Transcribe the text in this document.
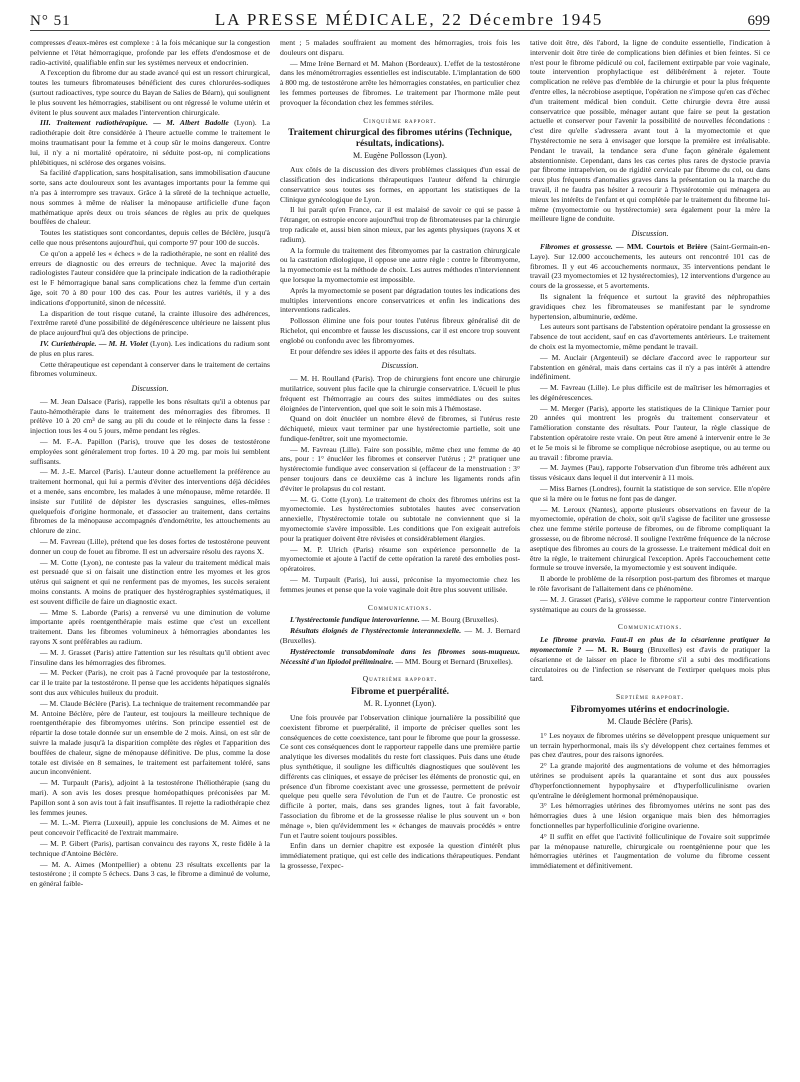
N° 51	LA PRESSE MÉDICALE, 22 Décembre 1945	699

compresses d'eaux-mères est complexe : à la fois mécanique sur la congestion pelvienne et l'état hémorragique, profonde par les effets d'endosmose et de radio-activité, qualifiable enfin sur les systèmes nerveux et endocrinien.

A l'exception du fibrome dur au stade avancé qui est un ressort chirurgical, toutes les tumeurs fibromateuses bénéficient des cures chlorurées-sodiques (surtout radioactives, type source du Bayan de Salies de Béarn), qui soulignent le plus souvent les hémorragies, stabilisent ou ont régressé le volume utérin et évitent le plus souvent aux malades l'intervention chirurgicale.

III. Traitement radiothérapique. — M. Albert Badolle (Lyon). La radiothérapie doit être considérée à l'heure actuelle comme le traitement le moins traumatisant pour la femme et à coup sûr le moins dangereux. Contre lui, il n'y a ni mortalité opératoire, ni séduite post-op, ni complications phlébitiques, ni sclérose des organes voisins.

Sa facilité d'application, sans hospitalisation, sans immobilisation d'aucune sorte, sans acte douloureux sont les avantages importants pour la femme qui n'a pas à interrompre ses travaux. Grâce à la sûreté de la technique actuelle, nous sommes à même de réaliser la ménopause artificielle d'une façon mathématique après deux ou trois séances de règles au prix de quelques bouffées de chaleur.

Toutes les statistiques sont concordantes, depuis celles de Béclère, jusqu'à celle que nous présentons aujourd'hui, qui comporte 97 pour 100 de succès.

Ce qu'on a appelé les « échecs » de la radiothérapie, ne sont en réalité des erreurs de diagnostic ou des erreurs de technique. Avec la majorité des radiologistes l'auteur considère que la principale indication de la radiothérapie est le F hémorragique banal sans complications chez la femme d'un certain âge, soit 70 à 80 pour 100 des cas. Pour les autres variétés, il y a des indications d'opportunité, sinon de nécessité.

La disparition de tout risque cutané, la crainte illusoire des adhérences, l'extrême rareté d'une possibilité de dégénérescence ultérieure ne laissent plus de place aujourd'hui qu'à des objections de principe.

IV. Curiethérapie. — M. H. Violet (Lyon). Les indications du radium sont de plus en plus rares.

Cette thérapeutique est cependant à conserver dans le traitement de certains fibromes volumineux.

Discussion.

— M. Jean Dalsace (Paris), rappelle les bons résultats qu'il a obtenus par l'auto-hémothérapie dans le traitement des ménorragies des fibromes. Il prélève 10 à 20 cm³ de sang au pli du coude et le réinjecte dans la fesse : injection tous les 4 ou 5 jours, même pendant les règles.

— M. F.-A. Papillon (Paris), trouve que les doses de testostérone employées sont généralement trop fortes. 10 à 20 mg. par mois lui semblent suffisants.

— M. J.-E. Marcel (Paris). L'auteur donne actuellement la préférence au traitement hormonal, qui lui a permis d'éviter des interventions déjà décidées et a menée, sans encombre, les malades à une ménopause, même retardée. Il insiste sur l'utilité de dépister les dyscrasies sanguines, elles-mêmes quelquefois d'origine hormonale, et d'associer au traitement, dans certains fibromes de la ménopause accompagnés d'endométrite, les attouchements au chlorure de zinc.

— M. Favreau (Lille), prétend que les doses fortes de testostérone peuvent donner un coup de fouet au fibrome. Il est un adversaire résolu des rayons X.

— M. Cotte (Lyon), ne conteste pas la valeur du traitement médical mais est persuadé que si on faisait une distinction entre les myomes et les gros utérus qui saignent et qui ne renferment pas de myomes, les succès seraient moins constants. A moins de pratiquer des hystérographies systématiques, il est souvent difficile de faire un diagnostic exact.

— Mme S. Laborde (Paris) a renversé vu une diminution de volume importante après roentgenthérapie mais estime que c'est un excellent traitement. Dans les fibromes volumineux à hémorragies abondantes les rayons X sont préférables au radium.

— M. J. Grasset (Paris) attire l'attention sur les résultats qu'il obtient avec l'insuline dans les hémorragies des fibromes.

— M. Pecker (Paris), ne croit pas à l'acné provoquée par la testostérone, car il le traite par la testostérone. Il pense que les accidents hépatiques signalés sont dus aux véhicules huileux du produit.

— M. Claude Béclère (Paris). La technique de traitement recommandée par M. Antoine Béclère, père de l'auteur, est toujours la meilleure technique de roentgenthérapie des fibromyomes utérins. Son principe essentiel est de répartir la dose totale donnée sur un ensemble de 2 mois. Ainsi, on est sûr de suivre la malade jusqu'à la disparition complète des règles et l'apparition des bouffées de chaleur, signe de ménopause définitive. De plus, comme la dose totale est divisée en 8 semaines, le traitement est parfaitement toléré, sans aucun inconvénient.

— M. Turpault (Paris), adjoint à la testostérone l'héliothérapie (sang du mari). A son avis les doses presque homéopathiques préconisées par M. Papillon sont à son avis tout à fait insuffisantes. Il rejette la radiothérapie chez les femmes jeunes.

— M. L.-M. Pierra (Luxeuil), appuie les conclusions de M. Aimes et ne peut concevoir l'efficacité de l'extrait mammaire.

— M. P. Gibert (Paris), partisan convaincu des rayons X, reste fidèle à la technique d'Antoine Béclère.

— M. A. Aimes (Montpellier) a obtenu 23 résultats excellents par la testostérone ; il compte 5 échecs. Dans 3 cas, le fibrome a diminué de volume, en général faible-

ment ; 5 malades souffraient au moment des hémorragies, trois fois les douleurs ont disparu.

— Mme Irène Bernard et M. Mahon (Bordeaux). L'effet de la testostérone dans les ménométrorragies essentielles est indiscutable. L'implantation de 600 à 800 mg. de testostérone arrête les hémorragies constatées, en particulier chez les femmes porteuses de fibromes. Le traitement par l'hormone mâle peut provoquer la fécondation chez les femmes stériles.

Cinquième rapport.
Traitement chirurgical des fibromes utérins (Technique, résultats, indications).
M. Eugène Pollosson (Lyon).

Aux côtés de la discussion des divers problèmes classiques d'un essai de classification des indications thérapeutiques l'auteur défend la chirurgie conservatrice sous toutes ses formes, en apportant les statistiques de la Clinique gynécologique de Lyon.

Il lui paraît qu'en France, car il est malaisé de savoir ce qui se passe à l'étranger, on estropie encore aujourd'hui trop de fibromateuses par la chirurgie trop radicale et, aussi bien sinon mieux, par les agents physiques (rayons X et radium).

A la formule du traitement des fibromyomes par la castration chirurgicale ou la castration rdiologique, il oppose une autre règle : contre le fibromyome, la myomectomie est la méthode de choix. Les autres méthodes n'interviennent que lorsque la myomectomie est impossible.

Après la myomectomie se posent par dégradation toutes les indications des multiples interventions encore conservatrices et enfin les indications des interventions radicales.

Pollosson élimine une fois pour toutes l'utérus fibreux généralisé dit de Richelot, qui encombre et fausse les discussions, car il est encore trop souvent englobé ou confondu avec les fibromyomes.

Et pour défendre ses idées il apporte des faits et des résultats.

Discussion.

— M. H. Roulland (Paris). Trop de chirurgiens font encore une chirurgie mutilatrice, souvent plus facile que la chirurgie conservatrice. L'écueil le plus fréquent est l'hémorragie au cours des suites immédiates ou des suites éloignées de l'intervention, quel que soit le soin mis à l'hémostase.

Quand on doit énucléer un nombre élevé de fibromes, si l'utérus reste déchiqueté, mieux vaut terminer par une hystérectomie partielle, soit une fundique-fenêtrer, soit une myomectomie.

— M. Favreau (Lille). Faire son possible, même chez une femme de 40 ans, pour : 1° énucléer les fibromes et conserver l'utérus ; 2° pratiquer une hystérectomie fundique avec conservation si (effaceur de la menstruation : 3° penser toujours dans ce deuxième cas à inclure les ligaments ronds afin d'éviter le prolapsus du col restant.

— M. G. Cotte (Lyon). Le traitement de choix des fibromes utérins est la myomectomie. Les hystérectomies subtotales hautes avec conservation annexielle, l'hystérectomie totale ou subtotale ne conviennent que si la myomectomie s'avère impossible. Les conditions que l'on exigeait autrefois pour la pratiquer doivent être révisées et considérablement élargies.

— M. P. Ulrich (Paris) résume son expérience personnelle de la myomectomie et ajoute à l'actif de cette opération la rareté des embolies post-opératoires.

— M. Turpault (Paris), lui aussi, préconise la myomectomie chez les femmes jeunes et pense que la voie vaginale doit être plus souvent utilisée.

Communications.

L'hystérectomie fundique interovarienne. — M. Bourg (Bruxelles).

Résultats éloignés de l'hystérectomie interannexielle. — M. J. Bernard (Bruxelles).

Hystérectomie transabdominale dans les fibromes sous-muqueux. Nécessité d'un lipiodol préliminaire. — MM. Bourg et Bernard (Bruxelles).

Quatrième rapport.
Fibrome et puerpéralité.
M. R. Lyonnet (Lyon).

Une fois prouvée par l'observation clinique journalière la possibilité que coexistent fibrome et puerpéralité, il importe de préciser quelles sont les conséquences de cette coexistence, tant pour le fibrome que pour la grossesse. Ce sont ces conséquences dont le rapporteur rappelle dans une première partie analytique les diverses modalités du reste fort classiques. Puis dans une étude plus synthétique, il souligne les difficultés diagnostiques que soulèvent les différents cas cliniques, et essaye de préciser les éléments de pronostic qui, en présence d'un fibrome coexistant avec une grossesse, permettent de prévoir quelque peu quelle sera l'évolution de l'un et de l'autre. Ce pronostic est difficile à porter, mais, dans ses grandes lignes, tout à fait favorable, l'association du fibrome et de la grossesse réalise le plus souvent un « bon ménage », bien qu'évidemment les « échanges de mauvais procédés » entre l'un et l'autre soient toujours possibles.

Enfin dans un dernier chapitre est exposée la question d'intérêt plus immédiatement pratique, qui est celle des indications thérapeutiques. Pendant la grossesse, l'expec-

tative doit être, dès l'abord, la ligne de conduite essentielle, l'indication à intervenir doit être tirée de complications bien définies et bien feintes. Si ce n'est pour le fibrome pédiculé ou col, facilement extirpable par voie vaginale, toute intervention prophylactique est délibérément à rejeter. Toute complication ne relève pas d'emblée de la chirurgie et pour la plus fréquente d'entre elles, la nécrobiose aseptique, l'opération ne s'impose qu'en cas d'échec d'un traitement médical bien conduit. Cette chirurgie devra être aussi conservatrice que possible, ménager autant que faire se peut la gestation actuelle et conserver pour l'avenir la possibilité de nouvelles fécondations : c'est dire qu'elle s'adressera avant tout à la myomectomie et que l'hystérectomie ne sera à envisager que lorsque la première est irréalisable. Pendant le travail, la tendance sera d'une façon générale également abstentionniste. Cependant, dans les cas certes plus rares de dystocie prævia par fibrome intrapelvien, ou de rigidité cervicale par fibrome du col, ou dans ceux plus fréquents d'anomalies graves dans la présentation ou la marche du travail, il ne faudra pas hésiter à recourir à l'hystérotomie qui ménagera au mieux les intérêts de l'enfant et qui complétée par le traitement du fibrome lui-même (myomectomie ou hystérectomie) sera également pour la mère la meilleure ligne de conduite.

Discussion.

Fibromes et grossesse. — MM. Courtois et Brière (Saint-Germain-en-Laye). Sur 12.000 accouchements, les auteurs ont rencontré 101 cas de fibromes. Il y eut 46 accouchements normaux, 35 interventions pendant le travail (23 myomectomies et 12 hystérectomies), 12 interventions d'urgence au cours de la grossesse, et 5 avortements.

Ils signalent la fréquence et surtout la gravité des néphropathies gravidiques chez les fibromateuses se manifestant par le syndrome hypertension, albuminurie, œdème.

Les auteurs sont partisans de l'abstention opératoire pendant la grossesse en l'absence de tout accident, sauf en cas d'avortements antérieurs. Le traitement de choix est la myomectomie, même pendant le travail.

— M. Auclair (Argenteuil) se déclare d'accord avec le rapporteur sur l'abstention en général, mais dans certains cas il n'y a pas intérêt à attendre indéfiniment.

— M. Favreau (Lille). Le plus difficile est de maîtriser les hémorragies et les dégénérescences.

— M. Merger (Paris), apporte les statistiques de la Clinique Tarnier pour 20 années qui montrent les progrès du traitement conservateur et l'amélioration constante des résultats. Pour l'auteur, la règle classique de l'abstention opératoire reste vraie. On peut être amené à intervenir entre le 3e et le 5e mois si le fibrome se complique nécrobiose aseptique, ou au terme ou au travail : fibrome prævia.

— M. Jaymes (Pau), rapporte l'observation d'un fibrome très adhérent aux tissus vésicaux dans lequel il dut intervenir à 11 mois.

— Miss Barnes (Londres), fournit la statistique de son service. Elle n'opère que si la mère ou le fœtus ne font pas de danger.

— M. Leroux (Nantes), apporte plusieurs observations en faveur de la myomectomie, opération de choix, soit qu'il s'agisse de faciliter une grossesse chez une femme stérile porteuse de fibromes, ou de fibrome compliquant la grossesse, ou de fibrome nécrosé. Il souligne l'extrême fréquence de la nécrose aseptique des fibromes au cours de la grossesse. Le traitement médical doit en être la règle, le traitement chirurgical l'exception. Après l'accouchement cette formule se trouve inversée, la myomectomie y est souvent indiquée.

Il aborde le problème de la résorption post-partum des fibromes et marque le rôle favorisant de l'allaitement dans ce phénomène.

— M. J. Grasset (Paris), s'élève comme le rapporteur contre l'intervention systématique au cours de la grossesse.

Communications.

Le fibrome prævia. Faut-il en plus de la césarienne pratiquer la myomectomie ? — M. R. Bourg (Bruxelles) est d'avis de pratiquer la césarienne et de laisser en place le fibrome s'il a subi des modifications circulatoires ou de l'infection se réservant de l'extirper quelques mois plus tard.

Septième rapport.
Fibromyomes utérins et endocrinologie.
M. Claude Béclère (Paris).

1° Les noyaux de fibromes utérins se développent presque uniquement sur un terrain hyperhormonal, mais ils s'y développent chez certaines femmes et pas chez d'autres, pour des raisons ignorées.

2° La grande majorité des augmentations de volume et des hémorragies utérines se produisent après la quarantaine et sont dus aux poussées d'hyperfonctionnement hypophysaire et d'hyperfolliculinisme ovarien qu'entraîne le dérèglement hormonal préménopausique.

3° Les hémorragies utérines des fibromyomes utérins ne sont pas des hémorragies dues à une lésion organique mais bien des hémorragies fonctionnelles par hyperfolliculinie d'origine ovarienne.

4° Il suffit en effet que l'activité folliculinique de l'ovaire soit supprimée par la ménopause naturelle, chirurgicale ou roentgénienne pour que les hémorragies utérines et l'augmentation de volume du fibrome cessent immédiatement et définitivement.
